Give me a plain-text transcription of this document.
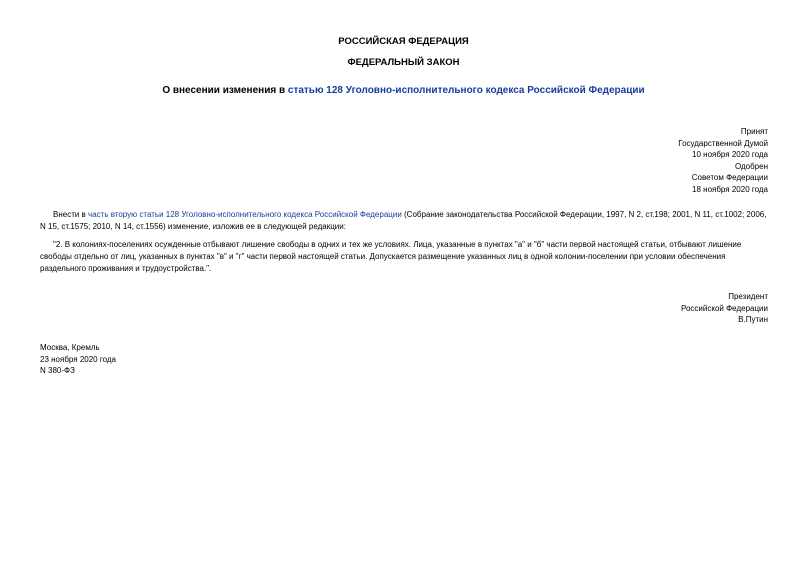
РОССИЙСКАЯ ФЕДЕРАЦИЯ
ФЕДЕРАЛЬНЫЙ ЗАКОН
О внесении изменения в статью 128 Уголовно-исполнительного кодекса Российской Федерации
Принят
Государственной Думой
10 ноября 2020 года
Одобрен
Советом Федерации
18 ноября 2020 года

Внести в часть вторую статьи 128 Уголовно-исполнительного кодекса Российской Федерации (Собрание законодательства Российской Федерации, 1997, N 2, ст.198; 2001, N 11, ст.1002; 2006, N 15, ст.1575; 2010, N 14, ст.1556) изменение, изложив ее в следующей редакции:

"2. В колониях-поселениях осужденные отбывают лишение свободы в одних и тех же условиях. Лица, указанные в пунктах "а" и "б" части первой настоящей статьи, отбывают лишение свободы отдельно от лиц, указанных в пунктах "в" и "г" части первой настоящей статьи. Допускается размещение указанных лиц в одной колонии-поселении при условии обеспечения раздельного проживания и трудоустройства.".

Президент
Российской Федерации
В.Путин
Москва, Кремль
23 ноября 2020 года
N 380-ФЗ
